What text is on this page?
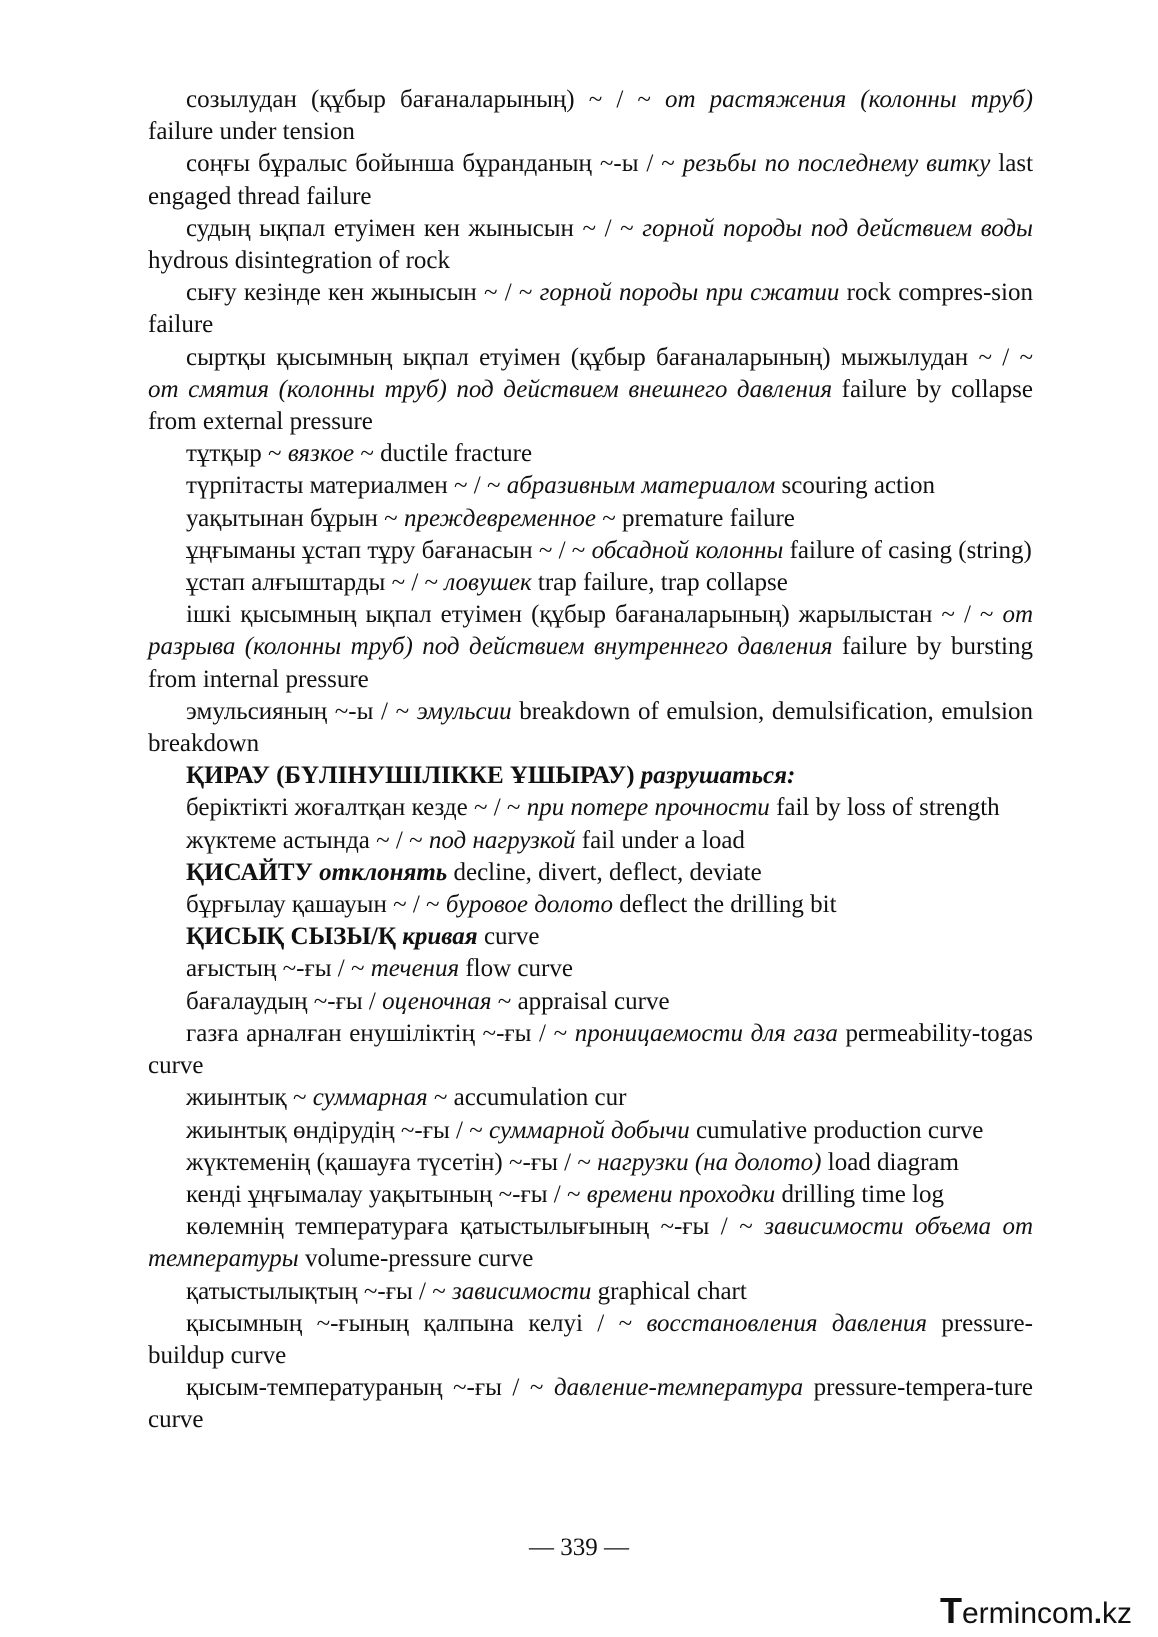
созылудан (құбыр бағаналарының) ~ / ~ от растяжения (колонны труб) failure under tension

соңғы бұралыс бойынша бұранданың ~-ы / ~ резьбы по последнему витку last engaged thread failure

судың ықпал етуімен кен жынысын ~ / ~ горной породы под действием воды hydrous disintegration of rock

сығу кезінде кен жынысын ~ / ~ горной породы при сжатии rock compres-sion failure

сыртқы қысымның ықпал етуімен (құбыр бағаналарының) мыжылудан ~ / ~ от смятия (колонны труб) под действием внешнего давления failure by collapse from external pressure

тұтқыр ~ вязкое ~ ductile fracture

түрпітасты материалмен ~ / ~ абразивным материалом scouring action

уақытынан бұрын ~ преждевременное ~ premature failure

ұңғыманы ұстап тұру бағанасын ~ / ~ обсадной колонны failure of casing (string)

ұстап алғыштарды ~ / ~ ловушек trap failure, trap collapse

ішкі қысымның ықпал етуімен (құбыр бағаналарының) жарылыстан ~ / ~ от разрыва (колонны труб) под действием внутреннего давления failure by bursting from internal pressure

эмульсияның ~-ы / ~ эмульсии breakdown of emulsion, demulsification, emulsion breakdown

ҚИРАУ (БҮЛІНУШІЛІККЕ ҰШЫРАУ) разрушаться:

беріктікті жоғалтқан кезде ~ / ~ при потере прочности fail by loss of strength

жүктеме астында ~ / ~ под нагрузкой fail under a load

ҚИСАЙТУ отклонять decline, divert, deflect, deviate

бұрғылау қашауын ~ / ~ буровое долото deflect the drilling bit

ҚИСЫҚ СЫЗЫ/Қ кривая curve

ағыстың ~-ғы / ~ течения flow curve

бағалаудың ~-ғы / оценочная ~ appraisal curve

газға арналған енушіліктің ~-ғы / ~ проницаемости для газа permeability-togas curve

жиынтық ~ суммарная ~ accumulation cur

жиынтық өндірудің ~-ғы / ~ суммарной добычи cumulative production curve

жүктеменің (қашауға түсетін) ~-ғы / ~ нагрузки (на долото) load diagram

кенді ұңғымалау уақытының ~-ғы / ~ времени проходки drilling time log

көлемнің температураға қатыстылығының ~-ғы / ~ зависимости объема от температуры volume-pressure curve

қатыстылықтың ~-ғы / ~ зависимости graphical chart

қысымның ~-ғының қалпына келуі / ~ восстановления давления pressure-buildup curve

қысым-температураның ~-ғы / ~ давление-температура pressure-tempera-ture curve

— 339 —
Termincom.kz
